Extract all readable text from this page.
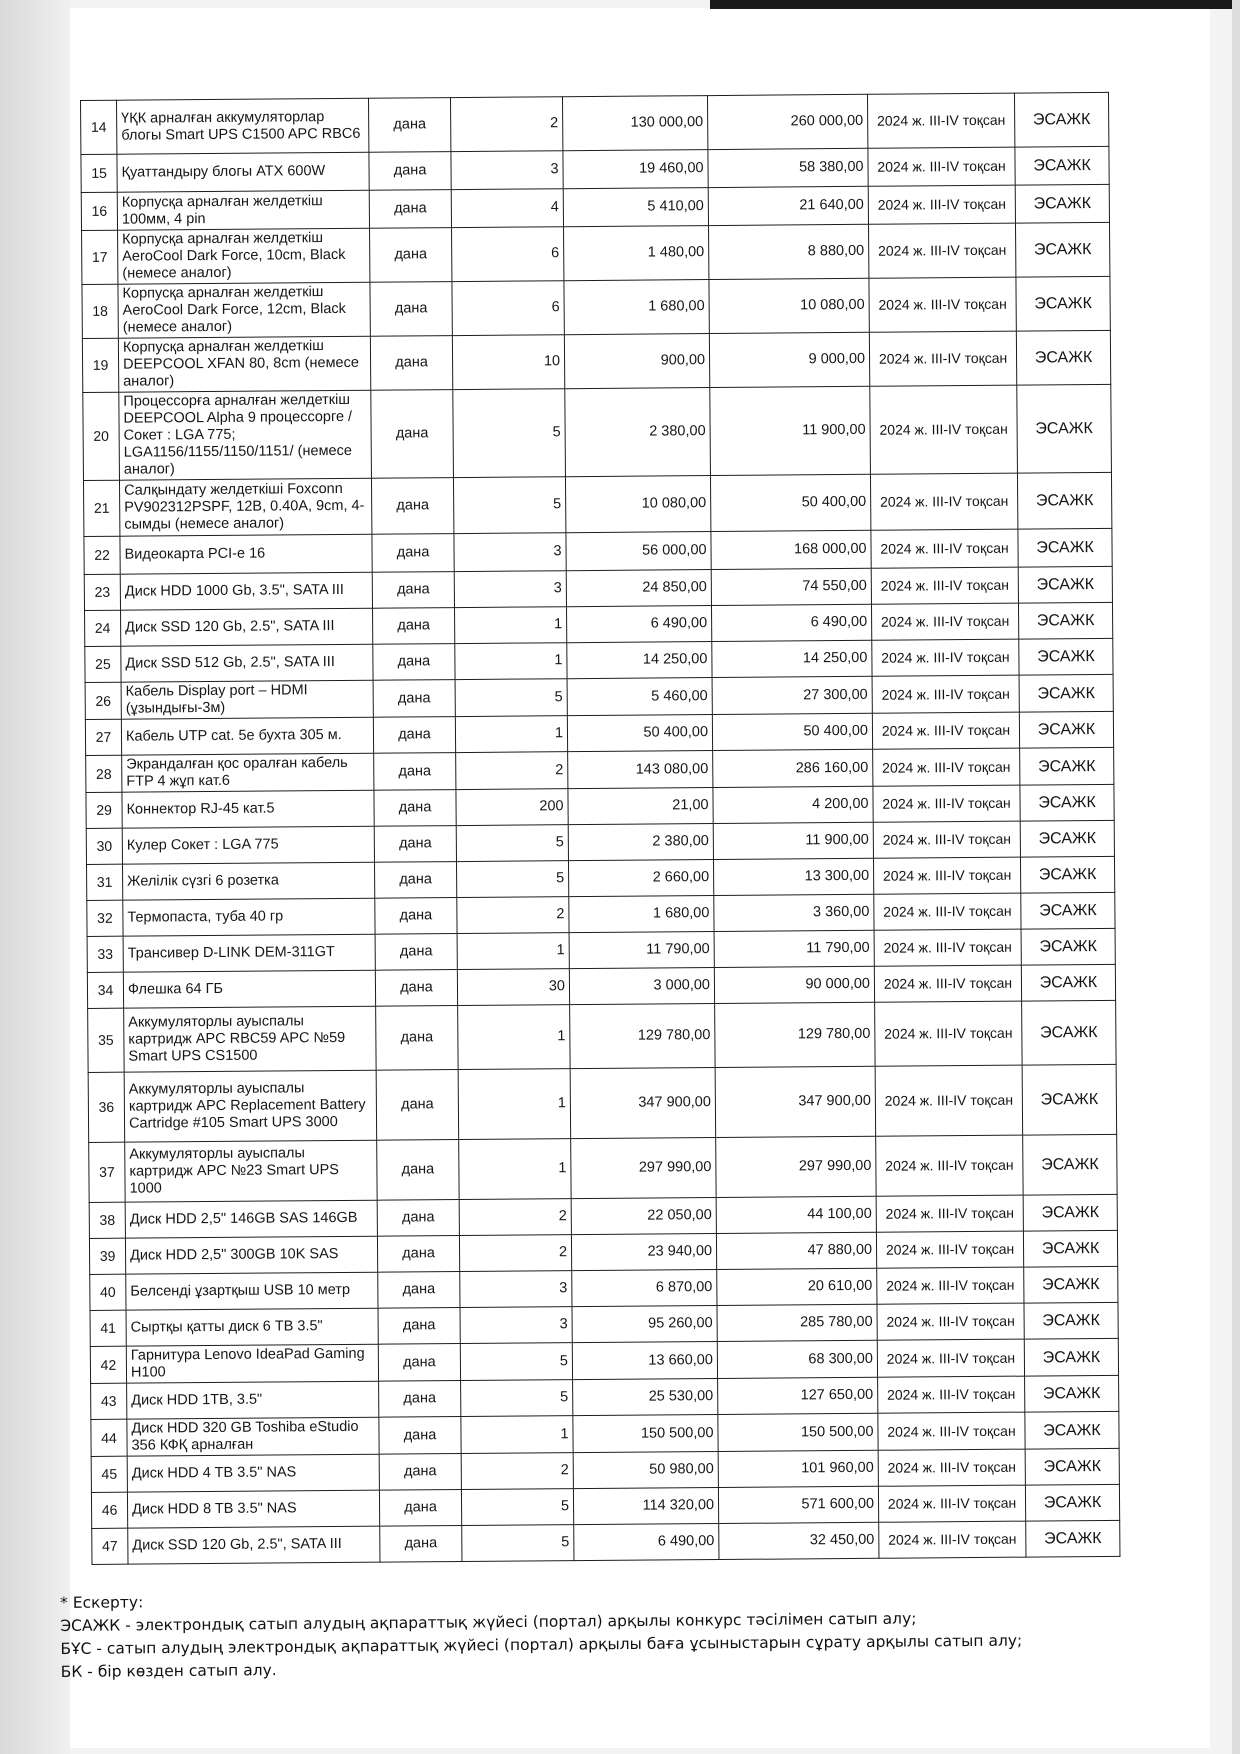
14	ҮҚК арналған аккумуляторлар блогы Smart UPS C1500 APC RBC6	дана	2	130 000,00	260 000,00	2024 ж. III-IV тоқсан	ЭСАЖК
15	Қуаттандыру блогы ATX 600W	дана	3	19 460,00	58 380,00	2024 ж. III-IV тоқсан	ЭСАЖК
16	Корпусқа арналған желдеткіш 100мм, 4 pin	дана	4	5 410,00	21 640,00	2024 ж. III-IV тоқсан	ЭСАЖК
17	Корпусқа арналған желдеткіш AeroCool Dark Force, 10cm, Black (немесе аналог)	дана	6	1 480,00	8 880,00	2024 ж. III-IV тоқсан	ЭСАЖК
18	Корпусқа арналған желдеткіш AeroCool Dark Force, 12cm, Black (немесе аналог)	дана	6	1 680,00	10 080,00	2024 ж. III-IV тоқсан	ЭСАЖК
19	Корпусқа арналған желдеткіш DEEPCOOL XFAN 80, 8cm (немесе аналог)	дана	10	900,00	9 000,00	2024 ж. III-IV тоқсан	ЭСАЖК
20	Процессорға арналған желдеткіш DEEPCOOL Alpha 9 процессорге / Сокет : LGA 775; LGA1156/1155/1150/1151/ (немесе аналог)	дана	5	2 380,00	11 900,00	2024 ж. III-IV тоқсан	ЭСАЖК
21	Салқындату желдеткіші Foxconn PV902312PSPF, 12В, 0.40А, 9cm, 4-сымды (немесе аналог)	дана	5	10 080,00	50 400,00	2024 ж. III-IV тоқсан	ЭСАЖК
22	Видеокарта PCI-e 16	дана	3	56 000,00	168 000,00	2024 ж. III-IV тоқсан	ЭСАЖК
23	Диск HDD 1000 Gb, 3.5", SATA III	дана	3	24 850,00	74 550,00	2024 ж. III-IV тоқсан	ЭСАЖК
24	Диск SSD 120 Gb, 2.5", SATA III	дана	1	6 490,00	6 490,00	2024 ж. III-IV тоқсан	ЭСАЖК
25	Диск SSD 512 Gb, 2.5", SATA III	дана	1	14 250,00	14 250,00	2024 ж. III-IV тоқсан	ЭСАЖК
26	Кабель Display port – HDMI (ұзындығы-3м)	дана	5	5 460,00	27 300,00	2024 ж. III-IV тоқсан	ЭСАЖК
27	Кабель UTP cat. 5e бухта 305 м.	дана	1	50 400,00	50 400,00	2024 ж. III-IV тоқсан	ЭСАЖК
28	Экрандалған қос оралған кабель FTP 4 жұп кат.6	дана	2	143 080,00	286 160,00	2024 ж. III-IV тоқсан	ЭСАЖК
29	Коннектор RJ-45 кат.5	дана	200	21,00	4 200,00	2024 ж. III-IV тоқсан	ЭСАЖК
30	Кулер Сокет : LGA 775	дана	5	2 380,00	11 900,00	2024 ж. III-IV тоқсан	ЭСАЖК
31	Желілік сүзгі 6 розетка	дана	5	2 660,00	13 300,00	2024 ж. III-IV тоқсан	ЭСАЖК
32	Термопаста, туба 40 гр	дана	2	1 680,00	3 360,00	2024 ж. III-IV тоқсан	ЭСАЖК
33	Трансивер D-LINK DEM-311GT	дана	1	11 790,00	11 790,00	2024 ж. III-IV тоқсан	ЭСАЖК
34	Флешка 64 ГБ	дана	30	3 000,00	90 000,00	2024 ж. III-IV тоқсан	ЭСАЖК
35	Аккумуляторлы ауыспалы картридж APC RBC59 APC №59 Smart UPS CS1500	дана	1	129 780,00	129 780,00	2024 ж. III-IV тоқсан	ЭСАЖК
36	Аккумуляторлы ауыспалы картридж APC Replacement Battery Cartridge #105 Smart UPS 3000	дана	1	347 900,00	347 900,00	2024 ж. III-IV тоқсан	ЭСАЖК
37	Аккумуляторлы ауыспалы картридж APC №23 Smart UPS 1000	дана	1	297 990,00	297 990,00	2024 ж. III-IV тоқсан	ЭСАЖК
38	Диск HDD 2,5" 146GB SAS 146GB	дана	2	22 050,00	44 100,00	2024 ж. III-IV тоқсан	ЭСАЖК
39	Диск HDD 2,5" 300GB 10K SAS	дана	2	23 940,00	47 880,00	2024 ж. III-IV тоқсан	ЭСАЖК
40	Белсенді ұзартқыш USB 10 метр	дана	3	6 870,00	20 610,00	2024 ж. III-IV тоқсан	ЭСАЖК
41	Сыртқы қатты диск 6 TB 3.5"	дана	3	95 260,00	285 780,00	2024 ж. III-IV тоқсан	ЭСАЖК
42	Гарнитура Lenovo IdeaPad Gaming H100	дана	5	13 660,00	68 300,00	2024 ж. III-IV тоқсан	ЭСАЖК
43	Диск HDD 1TB, 3.5"	дана	5	25 530,00	127 650,00	2024 ж. III-IV тоқсан	ЭСАЖК
44	Диск HDD 320 GB Toshiba eStudio 356 КФҚ арналған	дана	1	150 500,00	150 500,00	2024 ж. III-IV тоқсан	ЭСАЖК
45	Диск HDD 4 TB 3.5" NAS	дана	2	50 980,00	101 960,00	2024 ж. III-IV тоқсан	ЭСАЖК
46	Диск HDD 8 TB 3.5" NAS	дана	5	114 320,00	571 600,00	2024 ж. III-IV тоқсан	ЭСАЖК
47	Диск SSD 120 Gb, 2.5", SATA III	дана	5	6 490,00	32 450,00	2024 ж. III-IV тоқсан	ЭСАЖК
* Ескерту:
ЭСАЖК - электрондық сатып алудың ақпараттық жүйесі (портал) арқылы конкурс тәсілімен сатып алу;
БҰС - сатып алудың электрондық ақпараттық жүйесі (портал) арқылы баға ұсыныстарын сұрату арқылы сатып алу;
БК - бір көзден сатып алу.
